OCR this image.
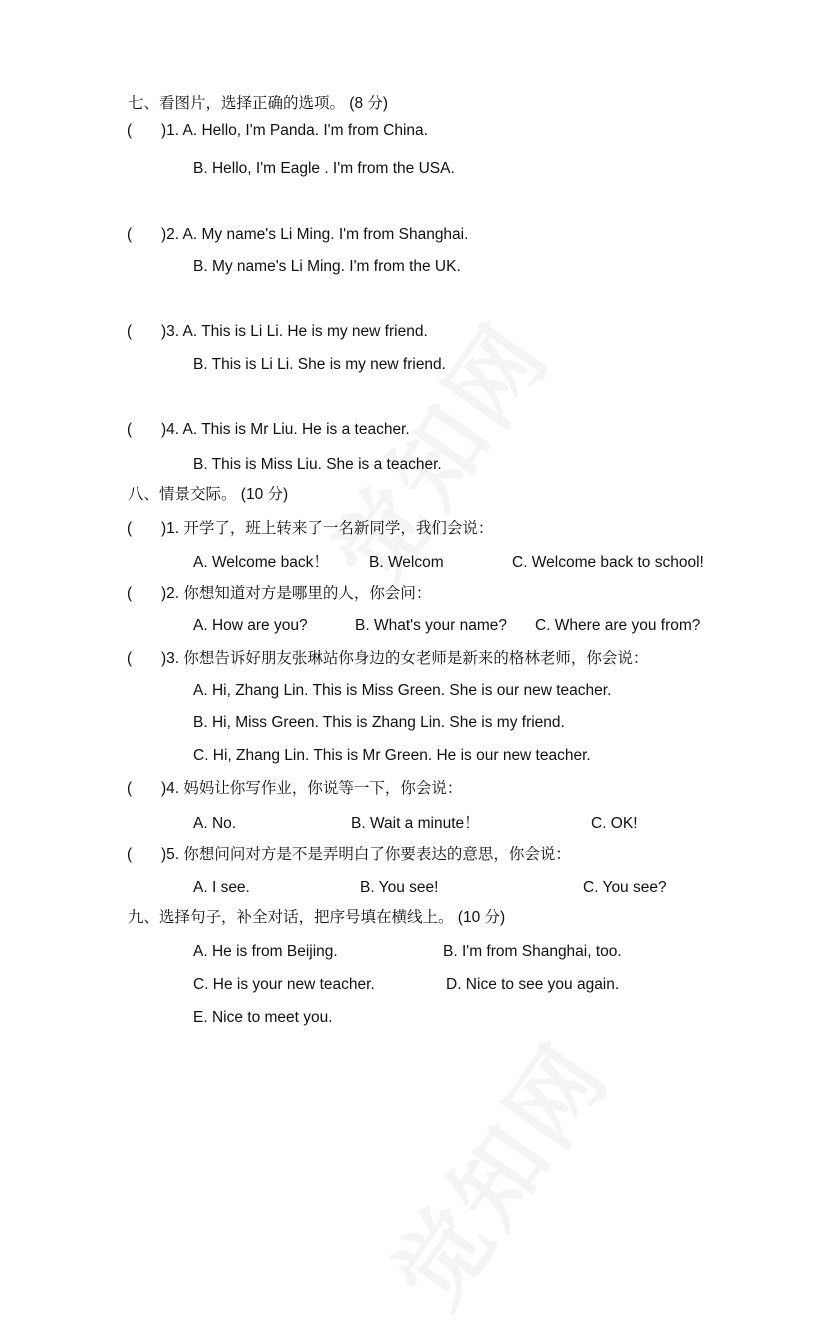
七、看图片，选择正确的选项。 (8 分)
( )1. A. Hello, I'm Panda. I'm from China.
B. Hello, I'm Eagle . I'm from the USA.
( )2. A. My name's Li Ming. I'm from Shanghai.
B. My name's Li Ming. I'm from the UK.
( )3. A. This is Li Li. He is my new friend.
B. This is Li Li. She is my new friend.
( )4. A. This is Mr Liu. He is a teacher.
B. This is Miss Liu. She is a teacher.
八、情景交际。 (10 分)
( )1. 开学了，班上转来了一名新同学，我们会说：
A. Welcome back！	B. Welcom	C. Welcome back to school!
( )2. 你想知道对方是哪里的人，你会问：
A. How are you?	B. What's your name? C. Where are you from?
( )3. 你想告诉好朋友张琳站你身边的女老师是新来的格林老师，你会说：
A. Hi, Zhang Lin. This is Miss Green. She is our new teacher.
B. Hi, Miss Green. This is Zhang Lin. She is my friend.
C. Hi, Zhang Lin. This is Mr Green. He is our new teacher.
( )4. 妈妈让你写作业，你说等一下，你会说：
A. No.	B. Wait a minute！	C. OK!
( )5. 你想问问对方是不是弄明白了你要表达的意思，你会说：
A. I see.	B. You see!	C. You see?
九、选择句子，补全对话，把序号填在横线上。 (10 分)
A. He is from Beijing.	B. I'm from Shanghai, too.
C. He is your new teacher.	D. Nice to see you again.
E. Nice to meet you.
